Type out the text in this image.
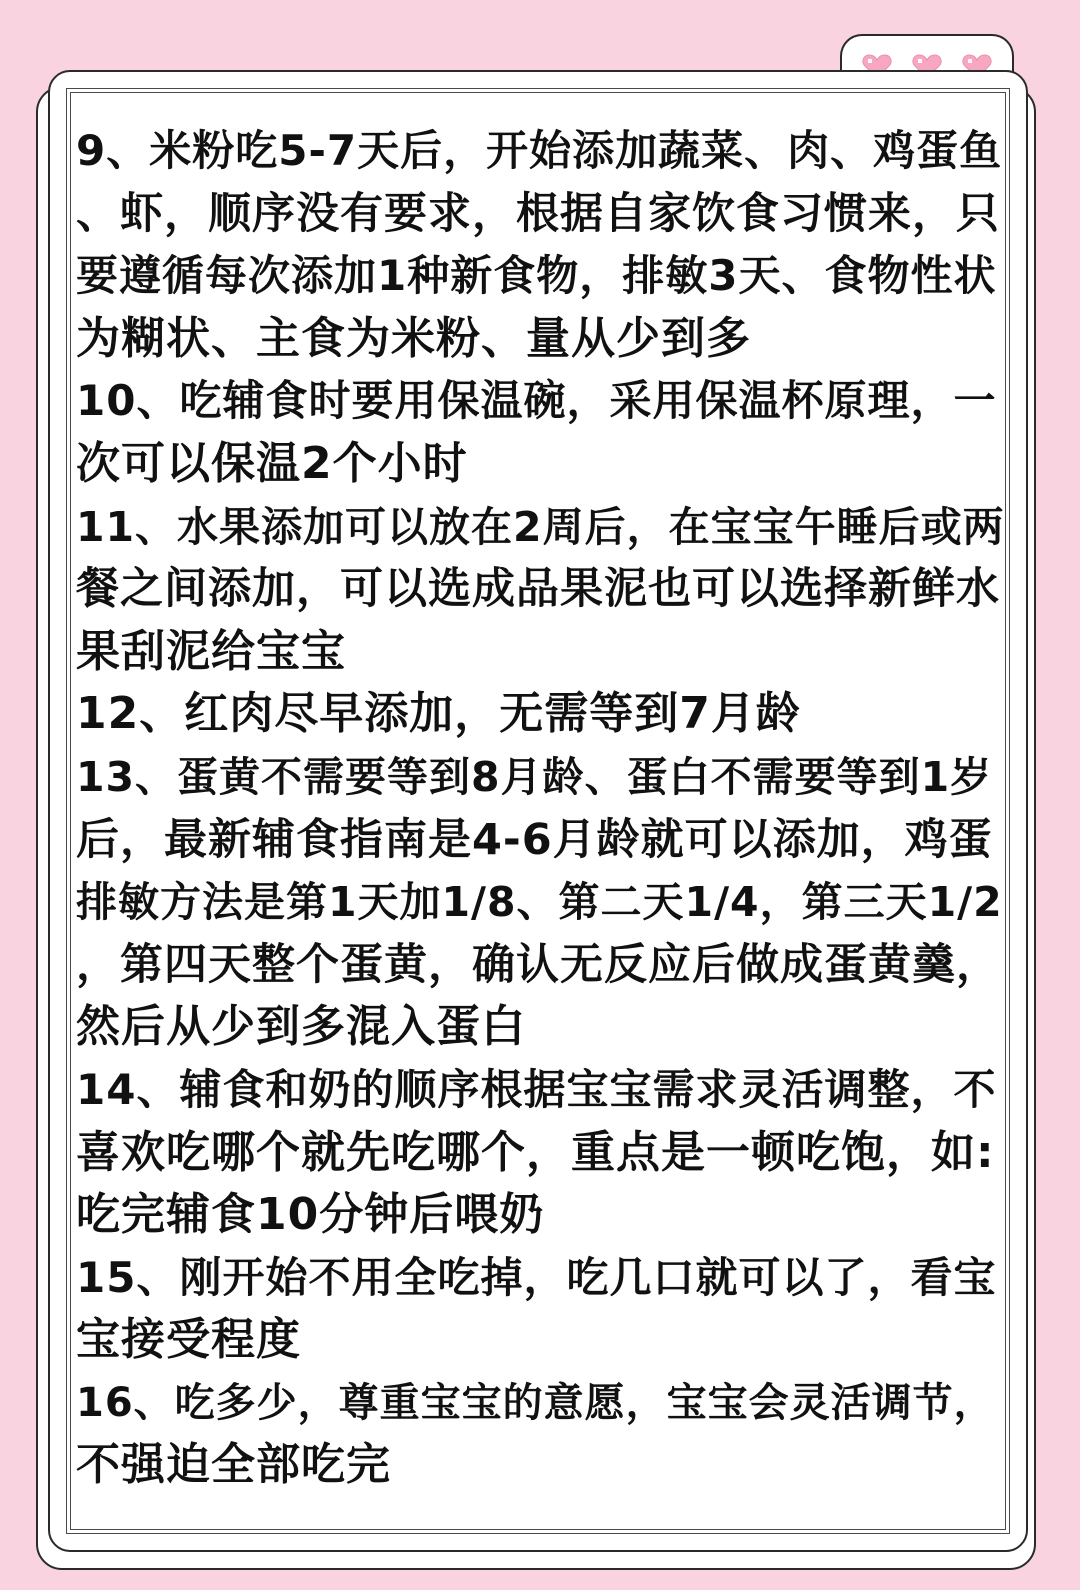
9、米粉吃5-7天后，开始添加蔬菜、肉、鸡蛋鱼
、虾，顺序没有要求，根据自家饮食习惯来，只
要遵循每次添加1种新食物，排敏3天、食物性状
为糊状、主食为米粉、量从少到多
10、吃辅食时要用保温碗，采用保温杯原理，一
次可以保温2个小时
11、水果添加可以放在2周后，在宝宝午睡后或两
餐之间添加，可以选成品果泥也可以选择新鲜水
果刮泥给宝宝
12、红肉尽早添加，无需等到7月龄
13、蛋黄不需要等到8月龄、蛋白不需要等到1岁
后，最新辅食指南是4-6月龄就可以添加，鸡蛋
排敏方法是第1天加1/8、第二天1/4，第三天1/2
，第四天整个蛋黄，确认无反应后做成蛋黄羹，
然后从少到多混入蛋白
14、辅食和奶的顺序根据宝宝需求灵活调整，不
喜欢吃哪个就先吃哪个，重点是一顿吃饱，如:
吃完辅食10分钟后喂奶
15、刚开始不用全吃掉，吃几口就可以了，看宝
宝接受程度
16、吃多少，尊重宝宝的意愿，宝宝会灵活调节，
不强迫全部吃完
